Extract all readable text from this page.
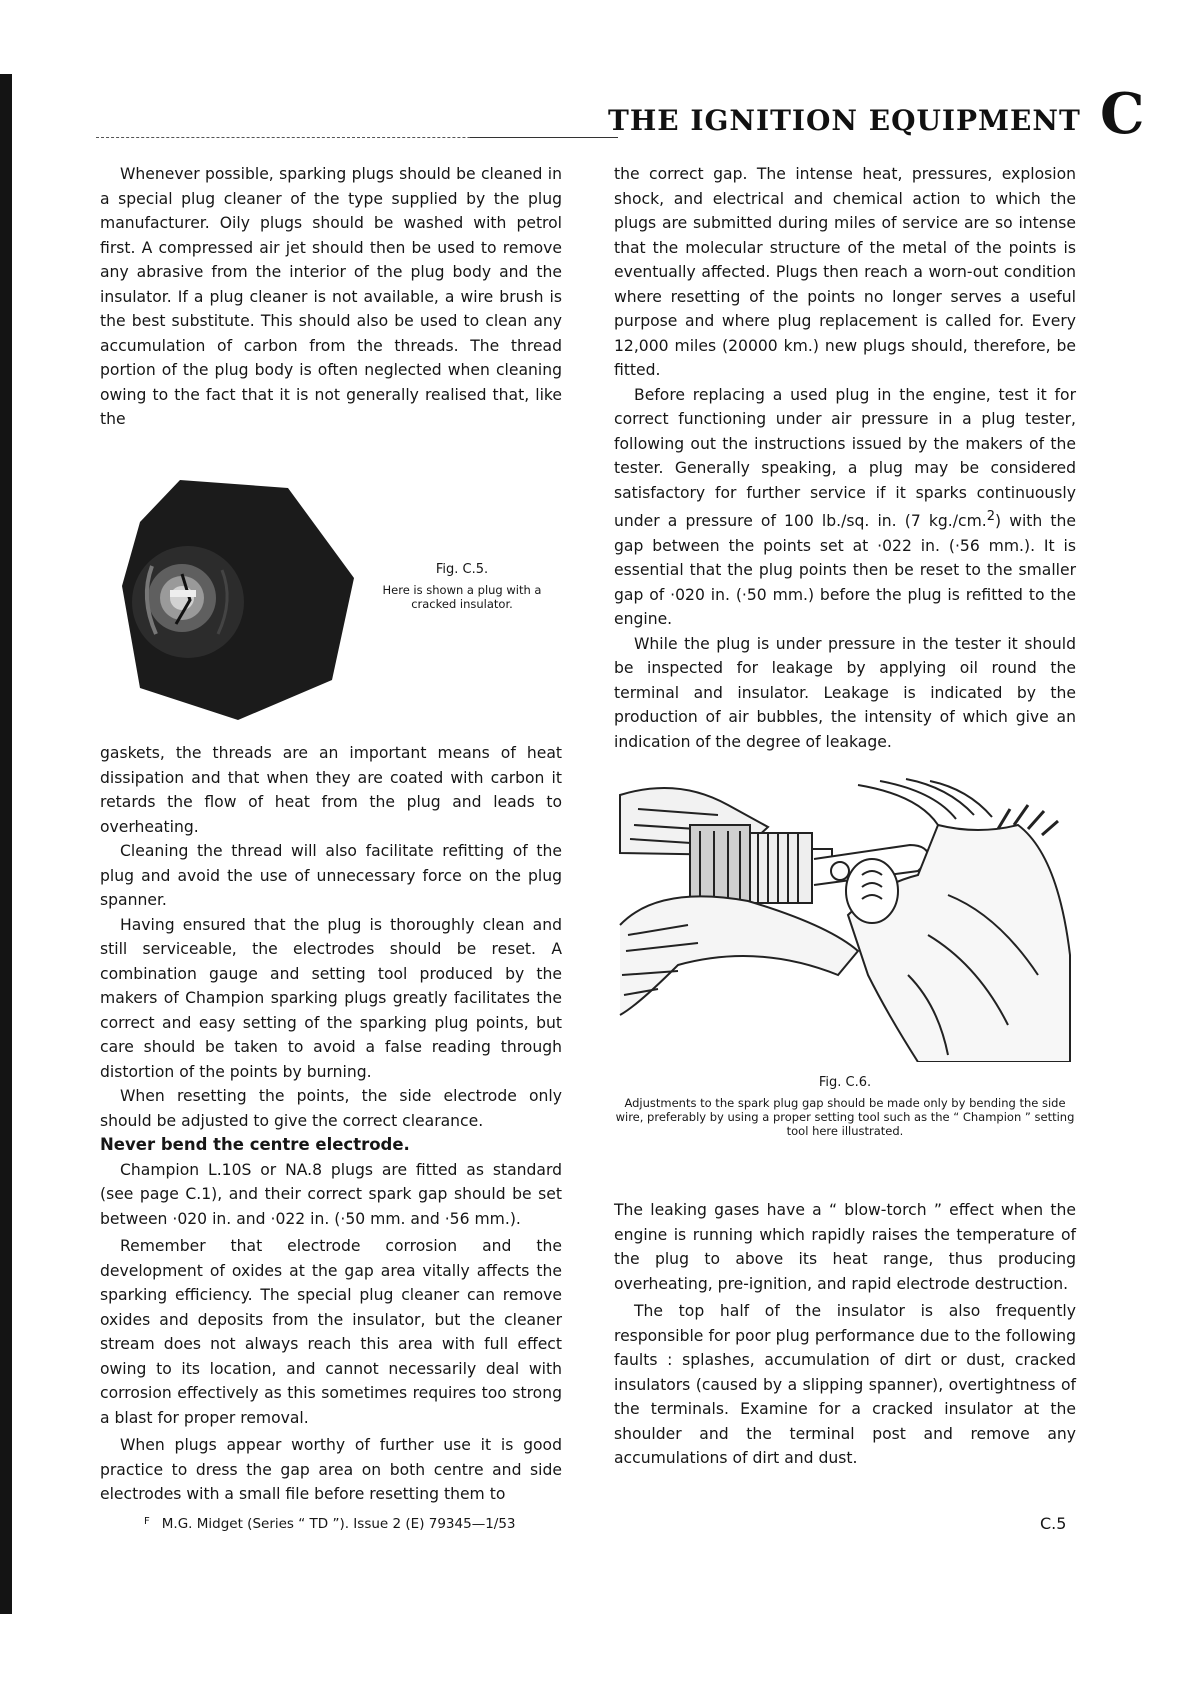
THE IGNITION EQUIPMENT C

Whenever possible, sparking plugs should be cleaned in a special plug cleaner of the type supplied by the plug manufacturer. Oily plugs should be washed with petrol first. A compressed air jet should then be used to remove any abrasive from the interior of the plug body and the insulator. If a plug cleaner is not available, a wire brush is the best substitute. This should also be used to clean any accumulation of carbon from the threads. The thread portion of the plug body is often neglected when cleaning owing to the fact that it is not generally realised that, like the

Fig. C.5.
Here is shown a plug with a cracked insulator.

gaskets, the threads are an important means of heat dissipation and that when they are coated with carbon it retards the flow of heat from the plug and leads to overheating.

Cleaning the thread will also facilitate refitting of the plug and avoid the use of unnecessary force on the plug spanner.

Having ensured that the plug is thoroughly clean and still serviceable, the electrodes should be reset. A combination gauge and setting tool produced by the makers of Champion sparking plugs greatly facilitates the correct and easy setting of the sparking plug points, but care should be taken to avoid a false reading through distortion of the points by burning.

When resetting the points, the side electrode only should be adjusted to give the correct clearance.
Never bend the centre electrode.

Champion L.10S or NA.8 plugs are fitted as standard (see page C.1), and their correct spark gap should be set between ·020 in. and ·022 in. (·50 mm. and ·56 mm.).

Remember that electrode corrosion and the development of oxides at the gap area vitally affects the sparking efficiency. The special plug cleaner can remove oxides and deposits from the insulator, but the cleaner stream does not always reach this area with full effect owing to its location, and cannot necessarily deal with corrosion effectively as this sometimes requires too strong a blast for proper removal.

When plugs appear worthy of further use it is good practice to dress the gap area on both centre and side electrodes with a small file before resetting them to

the correct gap. The intense heat, pressures, explosion shock, and electrical and chemical action to which the plugs are submitted during miles of service are so intense that the molecular structure of the metal of the points is eventually affected. Plugs then reach a worn-out condition where resetting of the points no longer serves a useful purpose and where plug replacement is called for. Every 12,000 miles (20000 km.) new plugs should, therefore, be fitted.

Before replacing a used plug in the engine, test it for correct functioning under air pressure in a plug tester, following out the instructions issued by the makers of the tester. Generally speaking, a plug may be considered satisfactory for further service if it sparks continuously under a pressure of 100 lb./sq. in. (7 kg./cm.$^2$) with the gap between the points set at ·022 in. (·56 mm.). It is essential that the plug points then be reset to the smaller gap of ·020 in. (·50 mm.) before the plug is refitted to the engine.

While the plug is under pressure in the tester it should be inspected for leakage by applying oil round the terminal and insulator. Leakage is indicated by the production of air bubbles, the intensity of which give an indication of the degree of leakage.

Fig. C.6.
Adjustments to the spark plug gap should be made only by bending the side wire, preferably by using a proper setting tool such as the “ Champion ” setting tool here illustrated.

The leaking gases have a “ blow-torch ” effect when the engine is running which rapidly raises the temperature of the plug to above its heat range, thus producing overheating, pre-ignition, and rapid electrode destruction.

The top half of the insulator is also frequently responsible for poor plug performance due to the following faults : splashes, accumulation of dirt or dust, cracked insulators (caused by a slipping spanner), overtightness of the terminals. Examine for a cracked insulator at the shoulder and the terminal post and remove any accumulations of dirt and dust.

$^F$ M.G. Midget (Series “ TD ”). Issue 2 (E) 79345—1/53	C.5
